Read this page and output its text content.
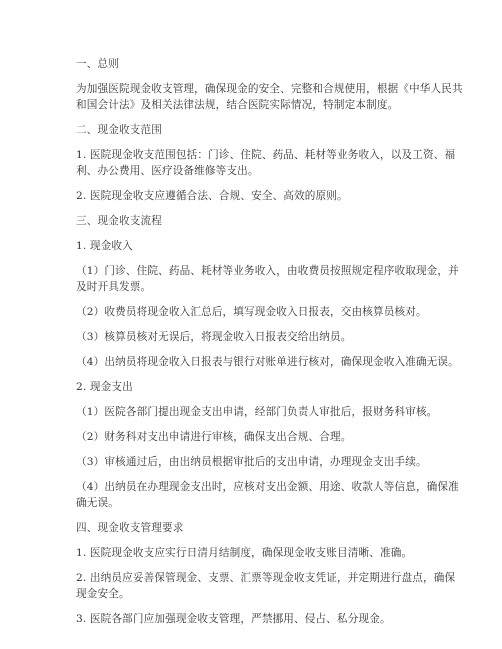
一、总则
为加强医院现金收支管理，确保现金的安全、完整和合规使用，根据《中华人民共
和国会计法》及相关法律法规，结合医院实际情况，特制定本制度。
二、现金收支范围
1. 医院现金收支范围包括：门诊、住院、药品、耗材等业务收入，以及工资、福
利、办公费用、医疗设备维修等支出。
2. 医院现金收支应遵循合法、合规、安全、高效的原则。
三、现金收支流程
1. 现金收入
（1）门诊、住院、药品、耗材等业务收入，由收费员按照规定程序收取现金，并
及时开具发票。
（2）收费员将现金收入汇总后，填写现金收入日报表，交由核算员核对。
（3）核算员核对无误后，将现金收入日报表交给出纳员。
（4）出纳员将现金收入日报表与银行对账单进行核对，确保现金收入准确无误。
2. 现金支出
（1）医院各部门提出现金支出申请，经部门负责人审批后，报财务科审核。
（2）财务科对支出申请进行审核，确保支出合规、合理。
（3）审核通过后，由出纳员根据审批后的支出申请，办理现金支出手续。
（4）出纳员在办理现金支出时，应核对支出金额、用途、收款人等信息，确保准
确无误。
四、现金收支管理要求
1. 医院现金收支应实行日清月结制度，确保现金收支账目清晰、准确。
2. 出纳员应妥善保管现金、支票、汇票等现金收支凭证，并定期进行盘点，确保
现金安全。
3. 医院各部门应加强现金收支管理，严禁挪用、侵占、私分现金。
